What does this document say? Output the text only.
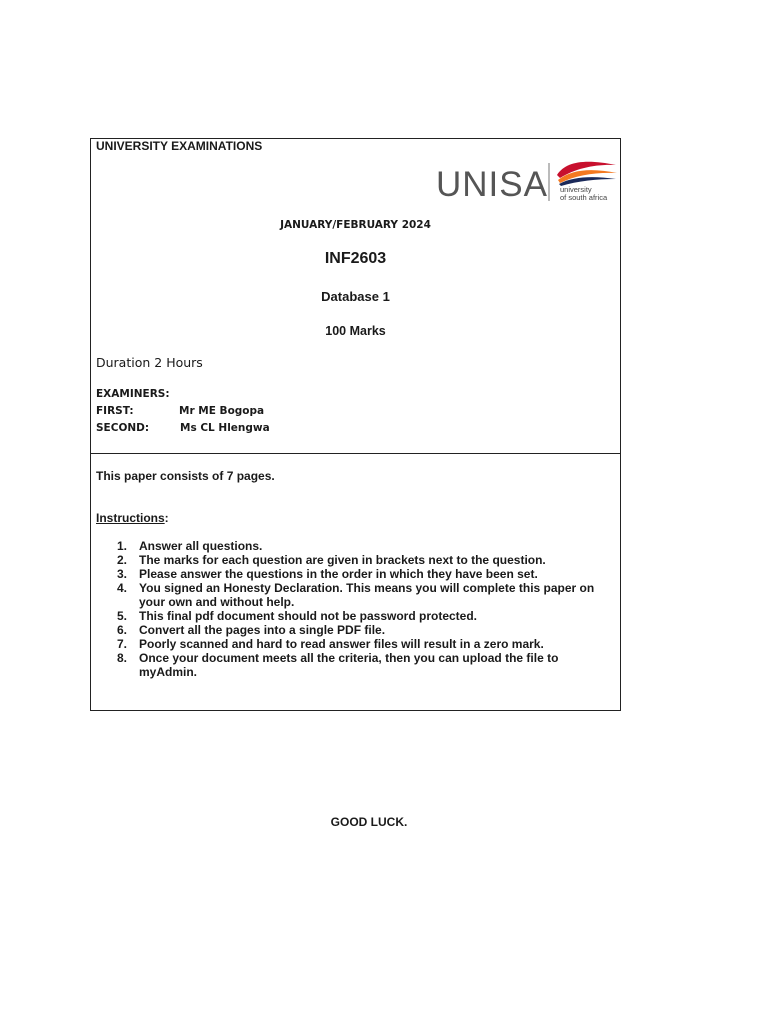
UNIVERSITY EXAMINATIONS
UNISA university
of south africa
JANUARY/FEBRUARY 2024
INF2603
Database 1
100 Marks
Duration 2 Hours
EXAMINERS:
FIRST:	Mr ME Bogopa
SECOND:	Ms CL Hlengwa
This paper consists of 7 pages.
Instructions:
1. Answer all questions.
2. The marks for each question are given in brackets next to the question.
3. Please answer the questions in the order in which they have been set.
4. You signed an Honesty Declaration. This means you will complete this paper on your own and without help.
5. This final pdf document should not be password protected.
6. Convert all the pages into a single PDF file.
7. Poorly scanned and hard to read answer files will result in a zero mark.
8. Once your document meets all the criteria, then you can upload the file to myAdmin.
GOOD LUCK.
